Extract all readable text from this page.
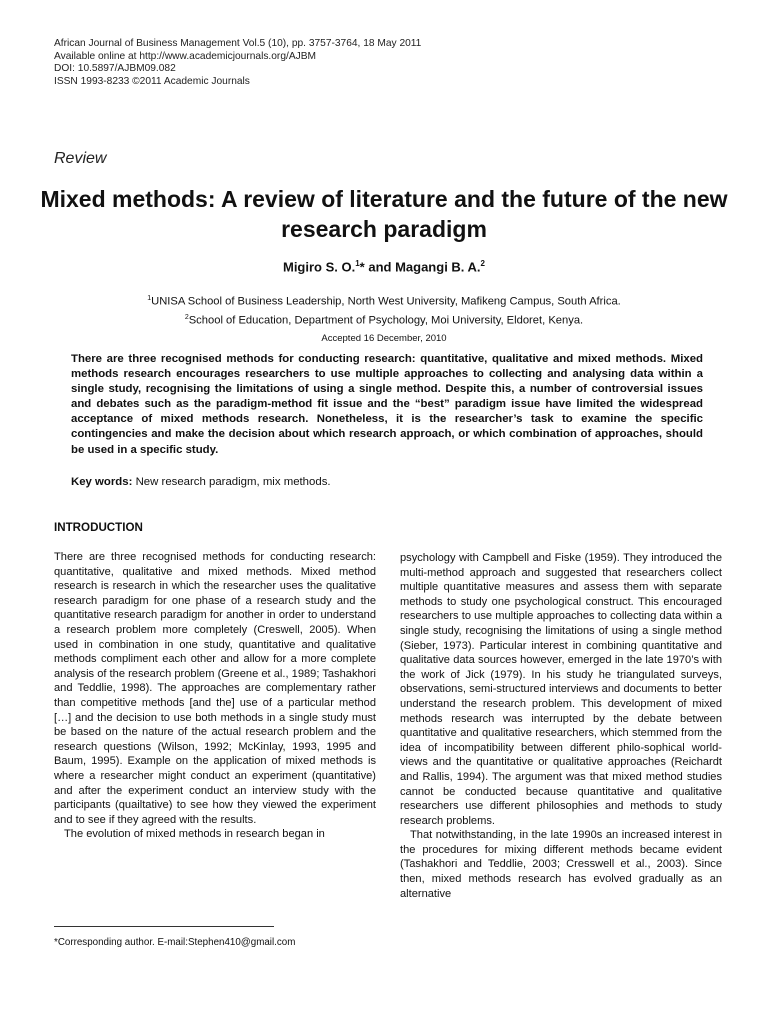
African Journal of Business Management Vol.5 (10), pp. 3757-3764, 18 May 2011
Available online at http://www.academicjournals.org/AJBM
DOI: 10.5897/AJBM09.082
ISSN 1993-8233 ©2011 Academic Journals
Review
Mixed methods: A review of literature and the future of the new research paradigm
Migiro S. O.$^1$* and Magangi B. A.$^2$
$^1$UNISA School of Business Leadership, North West University, Mafikeng Campus, South Africa.
$^2$School of Education, Department of Psychology, Moi University, Eldoret, Kenya.
Accepted 16 December, 2010
There are three recognised methods for conducting research: quantitative, qualitative and mixed methods. Mixed methods research encourages researchers to use multiple approaches to collecting and analysing data within a single study, recognising the limitations of using a single method. Despite this, a number of controversial issues and debates such as the paradigm-method fit issue and the “best” paradigm issue have limited the widespread acceptance of mixed methods research. Nonetheless, it is the researcher’s task to examine the specific contingencies and make the decision about which research approach, or which combination of approaches, should be used in a specific study.
Key words: New research paradigm, mix methods.
INTRODUCTION

There are three recognised methods for conducting research: quantitative, qualitative and mixed methods. Mixed method research is research in which the researcher uses the qualitative research paradigm for one phase of a research study and the quantitative research paradigm for another in order to understand a research problem more completely (Creswell, 2005). When used in combination in one study, quantitative and qualitative methods compliment each other and allow for a more complete analysis of the research problem (Greene et al., 1989; Tashakhori and Teddlie, 1998). The approaches are complementary rather than competitive methods [and the] use of a particular method […] and the decision to use both methods in a single study must be based on the nature of the actual research problem and the research questions (Wilson, 1992; McKinlay, 1993, 1995 and Baum, 1995). Example on the application of mixed methods is where a researcher might conduct an experiment (quantitative) and after the experiment conduct an interview study with the participants (quailtative) to see how they viewed the experiment and to see if they agreed with the results.

The evolution of mixed methods in research began in

psychology with Campbell and Fiske (1959). They introduced the multi-method approach and suggested that researchers collect multiple quantitative measures and assess them with separate methods to study one psychological construct. This encouraged researchers to use multiple approaches to collecting data within a single study, recognising the limitations of using a single method (Sieber, 1973). Particular interest in combining quantitative and qualitative data sources however, emerged in the late 1970’s with the work of Jick (1979). In his study he triangulated surveys, observations, semi-structured interviews and documents to better understand the research problem. This development of mixed methods research was interrupted by the debate between quantitative and qualitative researchers, which stemmed from the idea of incompatibility between different philo-sophical world- views and the quantitative or qualitative approaches (Reichardt and Rallis, 1994). The argument was that mixed method studies cannot be conducted because quantitative and qualitative researchers use different philosophies and methods to study research problems.

That notwithstanding, in the late 1990s an increased interest in the procedures for mixing different methods became evident (Tashakhori and Teddlie, 2003; Cresswell et al., 2003). Since then, mixed methods research has evolved gradually as an alternative

*Corresponding author. E-mail:Stephen410@gmail.com
